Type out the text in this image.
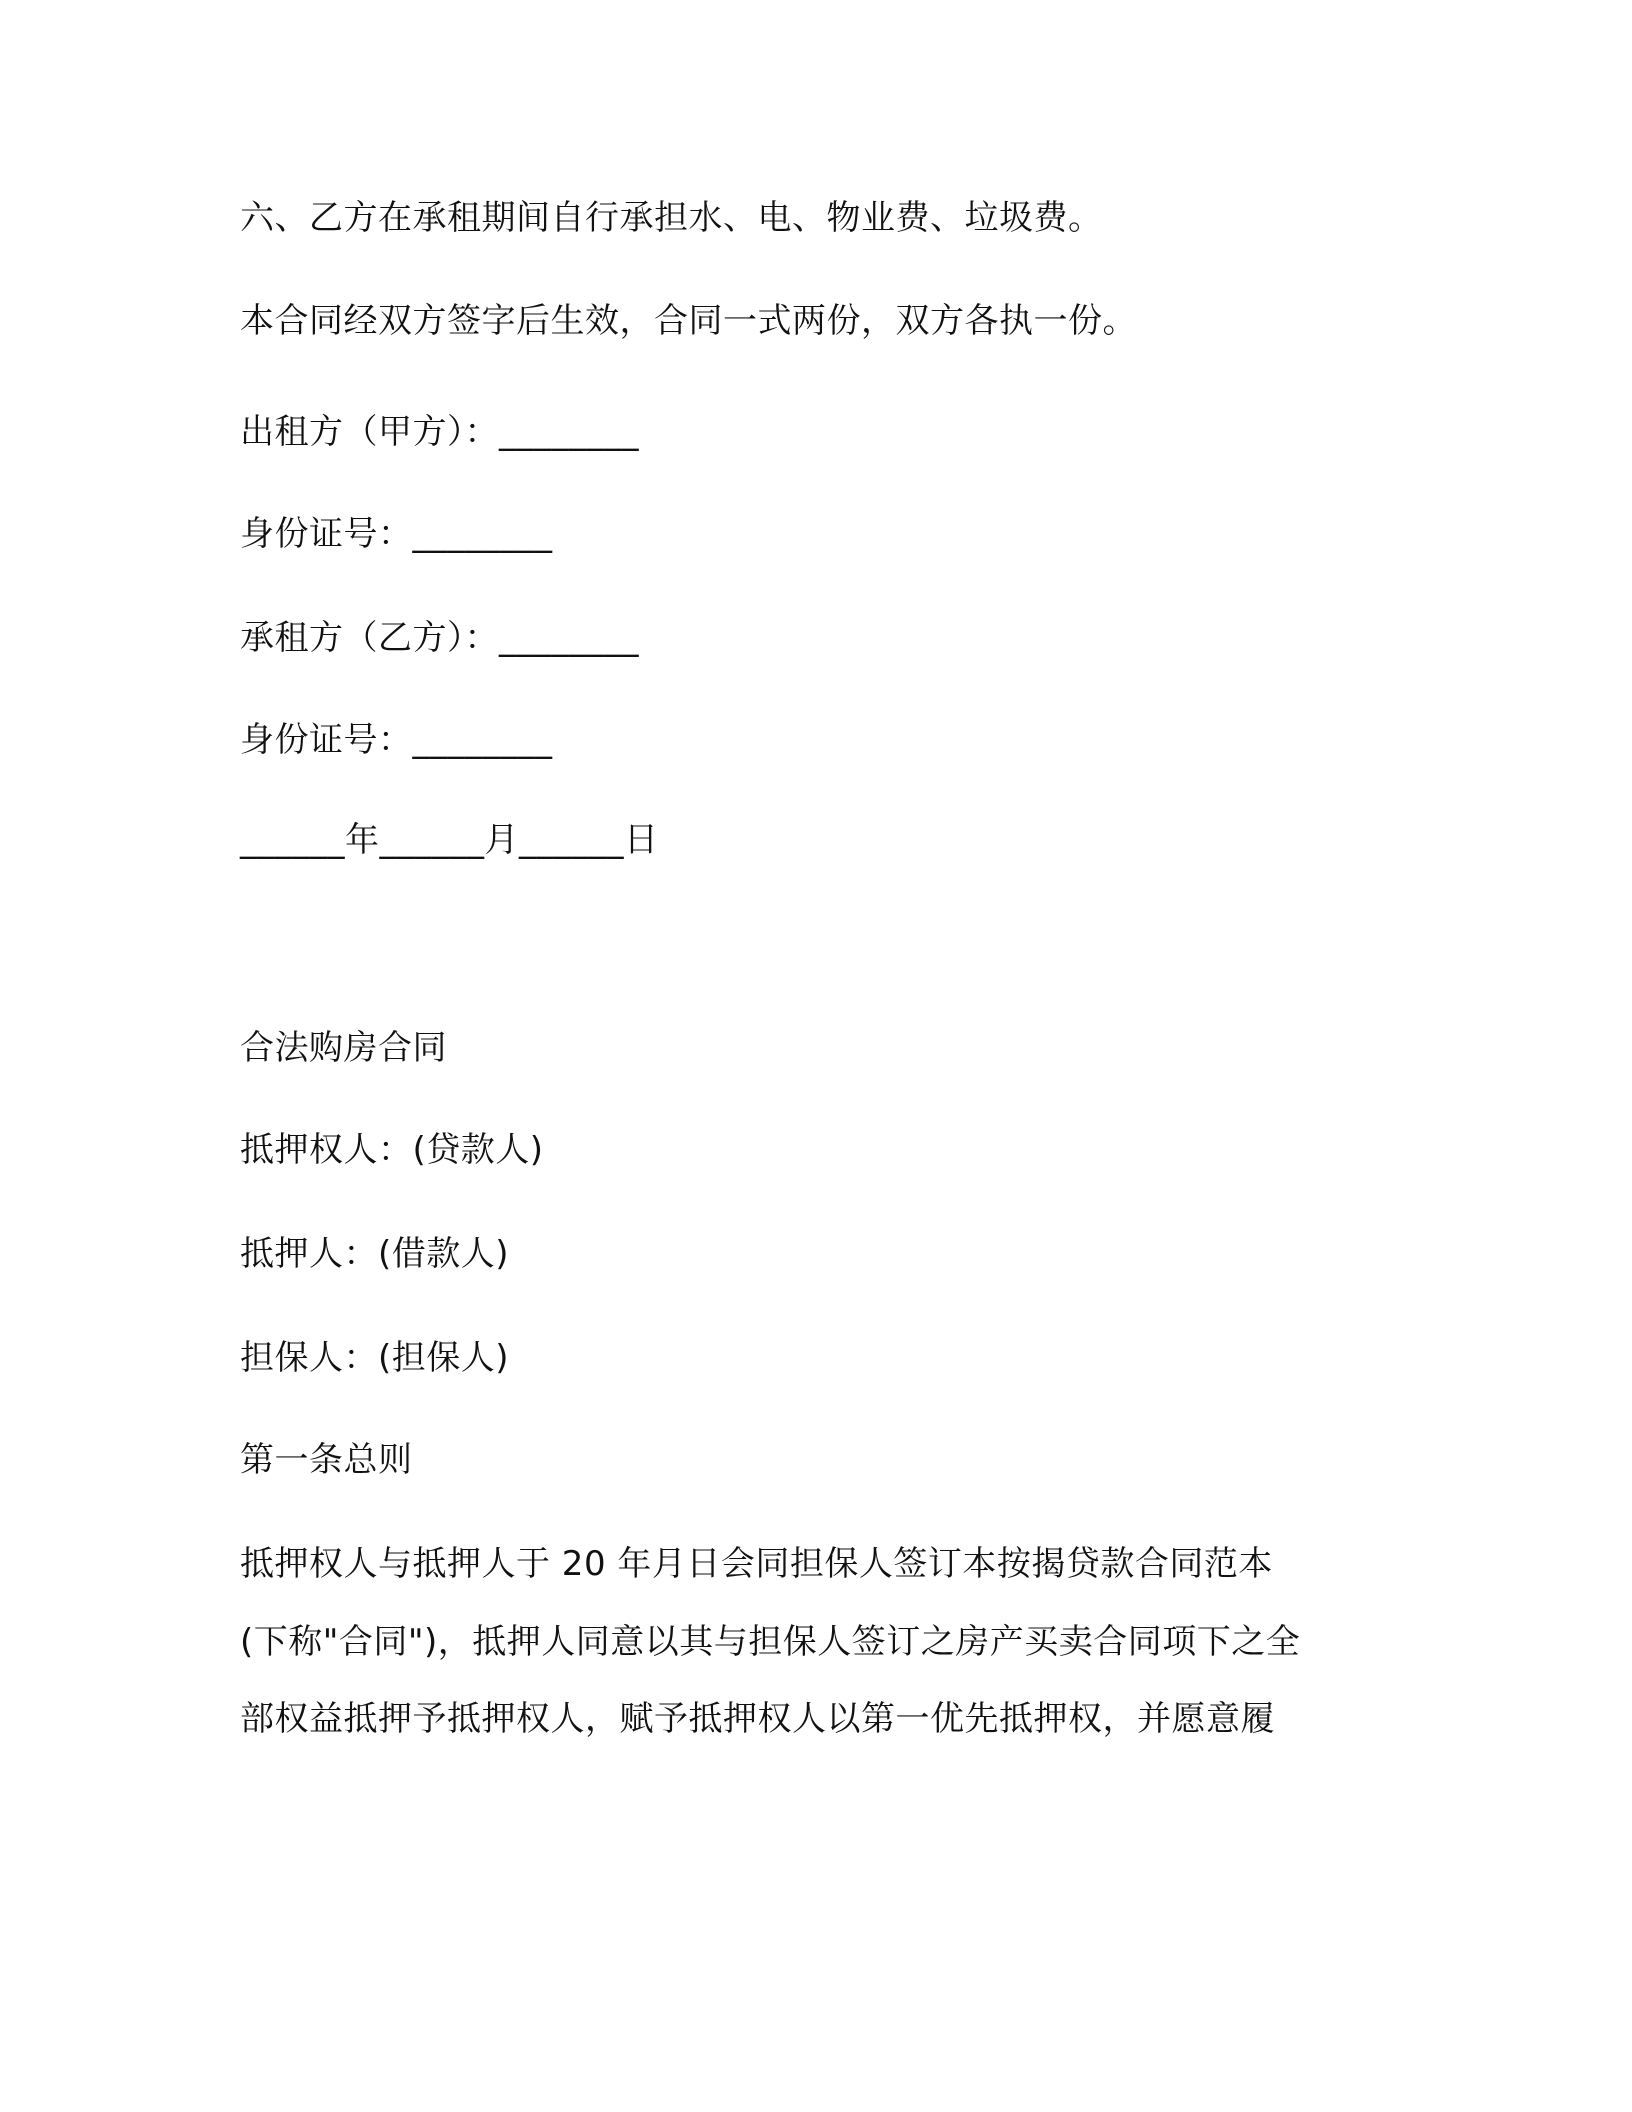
六、乙方在承租期间自行承担水、电、物业费、垃圾费。

本合同经双方签字后生效，合同一式两份，双方各执一份。

出租方（甲方）：________

身份证号：________

承租方（乙方）：________

身份证号：________

______年______月______日

合法购房合同

抵押权人：(贷款人)

抵押人：(借款人)

担保人：(担保人)

第一条总则

抵押权人与抵押人于 20 年月日会同担保人签订本按揭贷款合同范本

(下称"合同")，抵押人同意以其与担保人签订之房产买卖合同项下之全

部权益抵押予抵押权人，赋予抵押权人以第一优先抵押权，并愿意履
